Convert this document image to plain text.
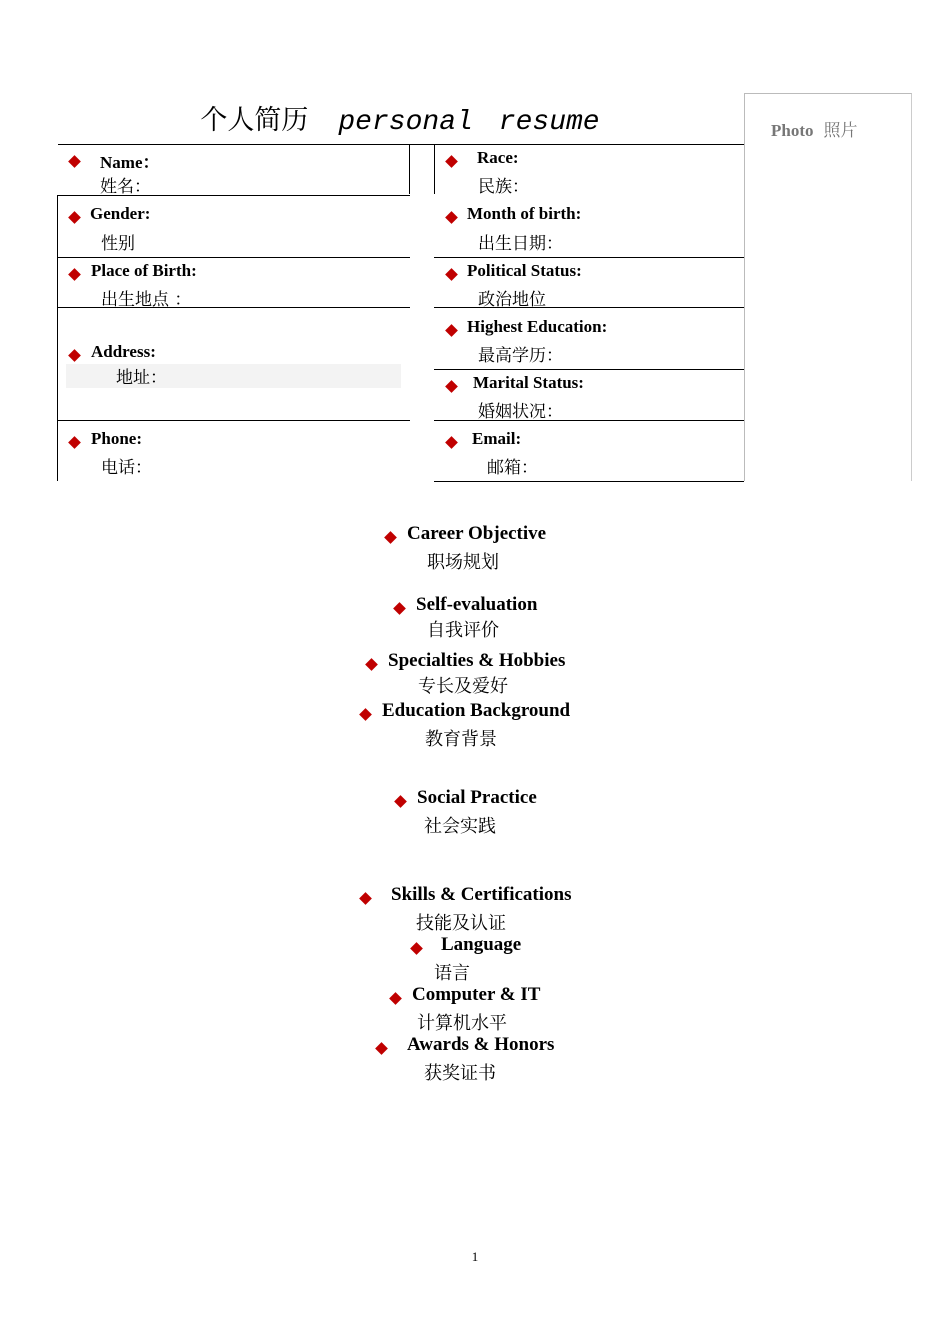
个人简历 personal resume	Photo 照片
Name：
姓名：
Gender:
性别
Place of Birth:
出生地点 ：
Address:
地址：
Phone:
电话：
Race:
民族：
Month of birth:
出生日期：
Political Status:
政治地位
Highest Education:
最高学历：
Marital Status:
婚姻状况：
Email:
邮箱：
Career Objective
职场规划
Self-evaluation
自我评价
Specialties & Hobbies
专长及爱好
Education Background
教育背景
Social Practice
社会实践
Skills & Certifications
技能及认证
Language
语言
Computer & IT
计算机水平
Awards & Honors
获奖证书
1
